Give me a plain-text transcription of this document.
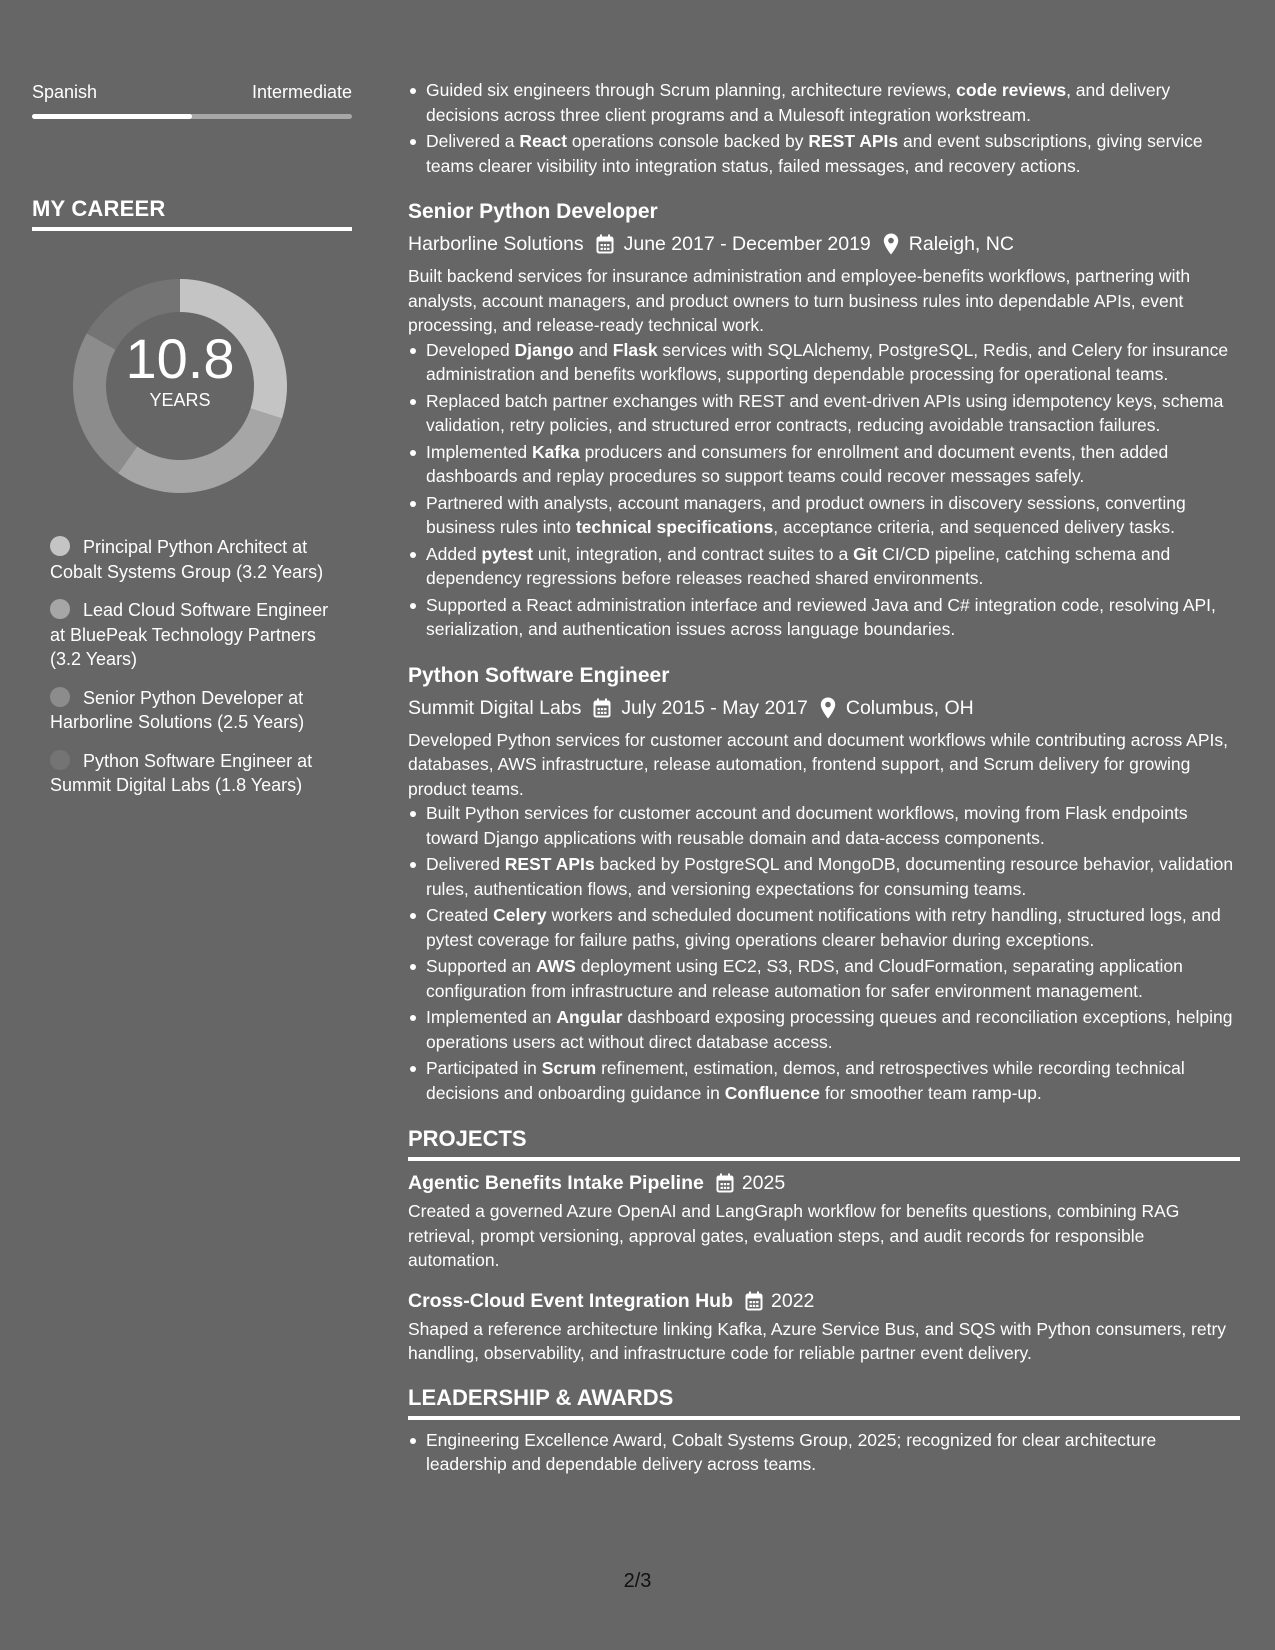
Spanish	Intermediate
MY CAREER
10.8
YEARS
Principal Python Architect at Cobalt Systems Group (3.2 Years)
Lead Cloud Software Engineer at BluePeak Technology Partners (3.2 Years)
Senior Python Developer at Harborline Solutions (2.5 Years)
Python Software Engineer at Summit Digital Labs (1.8 Years)
Guided six engineers through Scrum planning, architecture reviews, code reviews, and delivery decisions across three client programs and a Mulesoft integration workstream.
Delivered a React operations console backed by REST APIs and event subscriptions, giving service teams clearer visibility into integration status, failed messages, and recovery actions.
Senior Python Developer
Harborline Solutions June 2017 - December 2019 Raleigh, NC

Built backend services for insurance administration and employee-benefits workflows, partnering with analysts, account managers, and product owners to turn business rules into dependable APIs, event processing, and release-ready technical work.

Developed Django and Flask services with SQLAlchemy, PostgreSQL, Redis, and Celery for insurance administration and benefits workflows, supporting dependable processing for operational teams.
Replaced batch partner exchanges with REST and event-driven APIs using idempotency keys, schema validation, retry policies, and structured error contracts, reducing avoidable transaction failures.
Implemented Kafka producers and consumers for enrollment and document events, then added dashboards and replay procedures so support teams could recover messages safely.
Partnered with analysts, account managers, and product owners in discovery sessions, converting business rules into technical specifications, acceptance criteria, and sequenced delivery tasks.
Added pytest unit, integration, and contract suites to a Git CI/CD pipeline, catching schema and dependency regressions before releases reached shared environments.
Supported a React administration interface and reviewed Java and C# integration code, resolving API, serialization, and authentication issues across language boundaries.
Python Software Engineer
Summit Digital Labs July 2015 - May 2017 Columbus, OH

Developed Python services for customer account and document workflows while contributing across APIs, databases, AWS infrastructure, release automation, frontend support, and Scrum delivery for growing product teams.

Built Python services for customer account and document workflows, moving from Flask endpoints toward Django applications with reusable domain and data-access components.
Delivered REST APIs backed by PostgreSQL and MongoDB, documenting resource behavior, validation rules, authentication flows, and versioning expectations for consuming teams.
Created Celery workers and scheduled document notifications with retry handling, structured logs, and pytest coverage for failure paths, giving operations clearer behavior during exceptions.
Supported an AWS deployment using EC2, S3, RDS, and CloudFormation, separating application configuration from infrastructure and release automation for safer environment management.
Implemented an Angular dashboard exposing processing queues and reconciliation exceptions, helping operations users act without direct database access.
Participated in Scrum refinement, estimation, demos, and retrospectives while recording technical decisions and onboarding guidance in Confluence for smoother team ramp-up.
PROJECTS
Agentic Benefits Intake Pipeline 2025

Created a governed Azure OpenAI and LangGraph workflow for benefits questions, combining RAG retrieval, prompt versioning, approval gates, evaluation steps, and audit records for responsible automation.

Cross-Cloud Event Integration Hub 2022

Shaped a reference architecture linking Kafka, Azure Service Bus, and SQS with Python consumers, retry handling, observability, and infrastructure code for reliable partner event delivery.

LEADERSHIP & AWARDS
Engineering Excellence Award, Cobalt Systems Group, 2025; recognized for clear architecture leadership and dependable delivery across teams.
2/3
